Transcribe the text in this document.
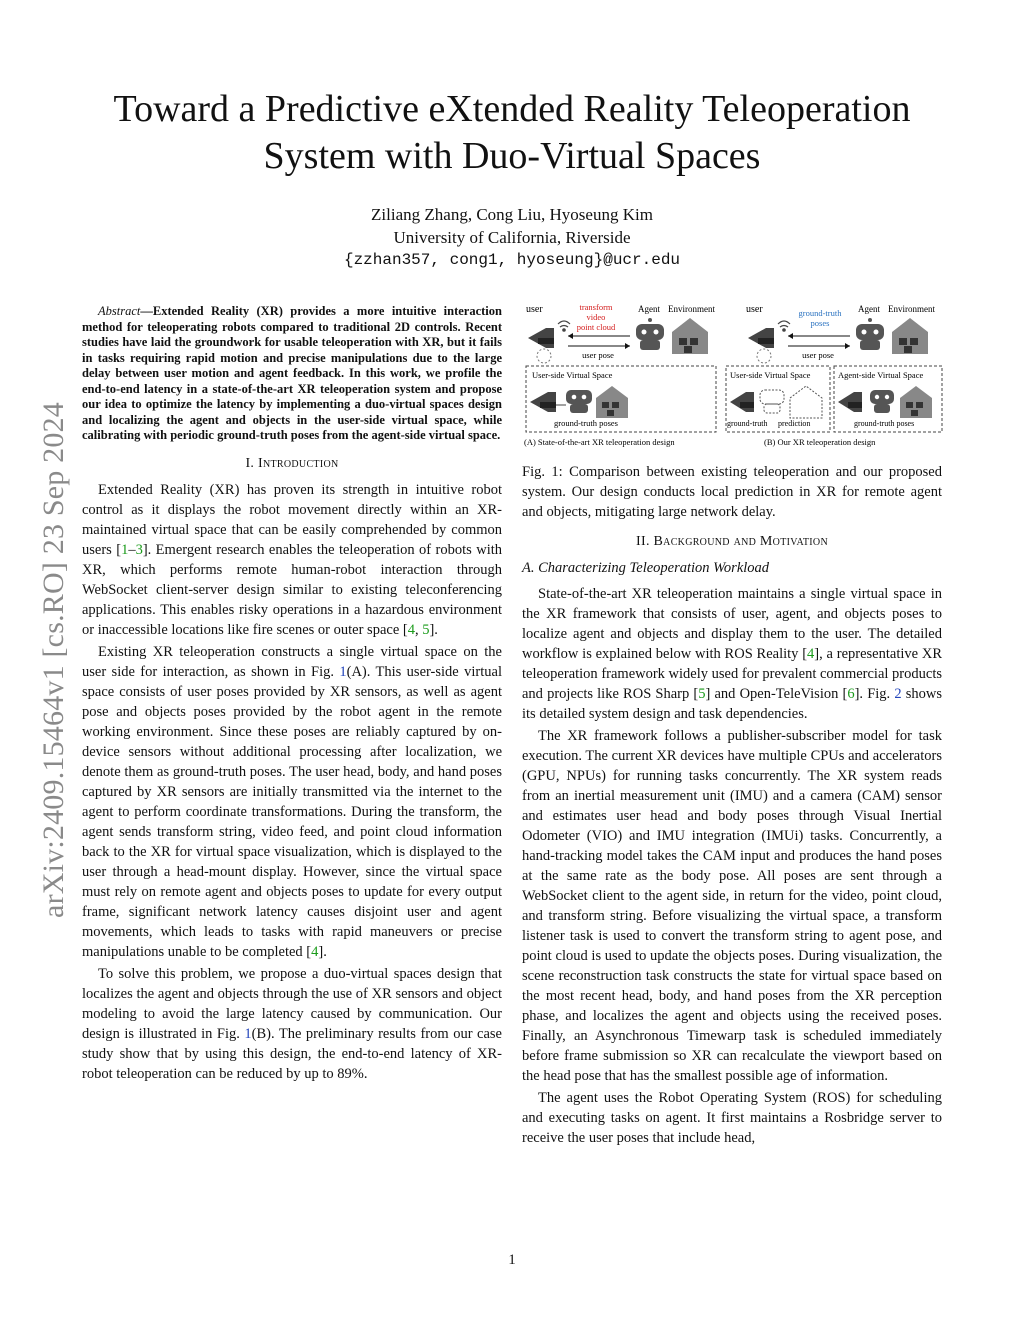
arXiv:2409.15464v1 [cs.RO] 23 Sep 2024
Toward a Predictive eXtended Reality Teleoperation System with Duo-Virtual Spaces
Ziliang Zhang, Cong Liu, Hyoseung Kim
University of California, Riverside
{zzhan357, cong1, hyoseung}@ucr.edu

Abstract—Extended Reality (XR) provides a more intuitive interaction method for teleoperating robots compared to traditional 2D controls. Recent studies have laid the groundwork for usable teleoperation with XR, but it fails in tasks requiring rapid motion and precise manipulations due to the large delay between user motion and agent feedback. In this work, we profile the end-to-end latency in a state-of-the-art XR teleoperation system and propose our idea to optimize the latency by implementing a duo-virtual spaces design and localizing the agent and objects in the user-side virtual space, while calibrating with periodic ground-truth poses from the agent-side virtual space.

I. Introduction

Extended Reality (XR) has proven its strength in intuitive robot control as it displays the robot movement directly within an XR-maintained virtual space that can be easily comprehended by common users [1–3]. Emergent research enables the teleoperation of robots with XR, which performs remote human-robot interaction through WebSocket client-server design similar to existing teleconferencing applications. This enables risky operations in a hazardous environment or inaccessible locations like fire scenes or outer space [4, 5].

Existing XR teleoperation constructs a single virtual space on the user side for interaction, as shown in Fig. 1(A). This user-side virtual space consists of user poses provided by XR sensors, as well as agent pose and objects poses provided by the robot agent in the remote working environment. Since these poses are reliably captured by on-device sensors without additional processing after localization, we denote them as ground-truth poses. The user head, body, and hand poses captured by XR sensors are initially transmitted via the internet to the agent to perform coordinate transformations. During the transform, the agent sends transform string, video feed, and point cloud information back to the XR for virtual space visualization, which is displayed to the user through a head-mount display. However, since the virtual space must rely on remote agent and objects poses to update for every output frame, significant network latency causes disjoint user and agent movements, which leads to tasks with rapid maneuvers or precise manipulations unable to be completed [4].

To solve this problem, we propose a duo-virtual spaces design that localizes the agent and objects through the use of XR sensors and object modeling to avoid the large latency caused by communication. Our design is illustrated in Fig. 1(B). The preliminary results from our case study show that by using this design, the end-to-end latency of XR-robot teleoperation can be reduced by up to 89%.

user	transform
video
point cloud
user pose
Agent Environment
User-side Virtual Space
ground-truth poses
(A) State-of-the-art XR teleoperation design
user	ground-truth
poses
user pose
Agent Environment
User-side Virtual Space
ground-truth prediction
Agent-side Virtual Space
ground-truth poses
(B) Our XR teleoperation design

Fig. 1: Comparison between existing teleoperation and our proposed system. Our design conducts local prediction in XR for remote agent and objects, mitigating large network delay.

II. Background and Motivation
A. Characterizing Teleoperation Workload

State-of-the-art XR teleoperation maintains a single virtual space in the XR framework that consists of user, agent, and objects poses to localize agent and objects and display them to the user. The detailed workflow is explained below with ROS Reality [4], a representative XR teleoperation framework widely used for prevalent commercial products and projects like ROS Sharp [5] and Open-TeleVision [6]. Fig. 2 shows its detailed system design and task dependencies.

The XR framework follows a publisher-subscriber model for task execution. The current XR devices have multiple CPUs and accelerators (GPU, NPUs) for running tasks concurrently. The XR system reads from an inertial measurement unit (IMU) and a camera (CAM) sensor and estimates user head and body poses through Visual Inertial Odometer (VIO) and IMU integration (IMUi) tasks. Concurrently, a hand-tracking model takes the CAM input and produces the hand poses at the same rate as the body pose. All poses are sent through a WebSocket client to the agent side, in return for the video, point cloud, and transform string. Before visualizing the virtual space, a transform listener task is used to convert the transform string to agent pose, and point cloud is used to update the objects poses. During visualization, the scene reconstruction task constructs the state for virtual space based on the most recent head, body, and hand poses from the XR perception phase, and localizes the agent and objects using the received poses. Finally, an Asynchronous Timewarp task is scheduled immediately before frame submission so XR can recalculate the viewport based on the head pose that has the smallest possible age of information.

The agent uses the Robot Operating System (ROS) for scheduling and executing tasks on agent. It first maintains a Rosbridge server to receive the user poses that include head,

1
